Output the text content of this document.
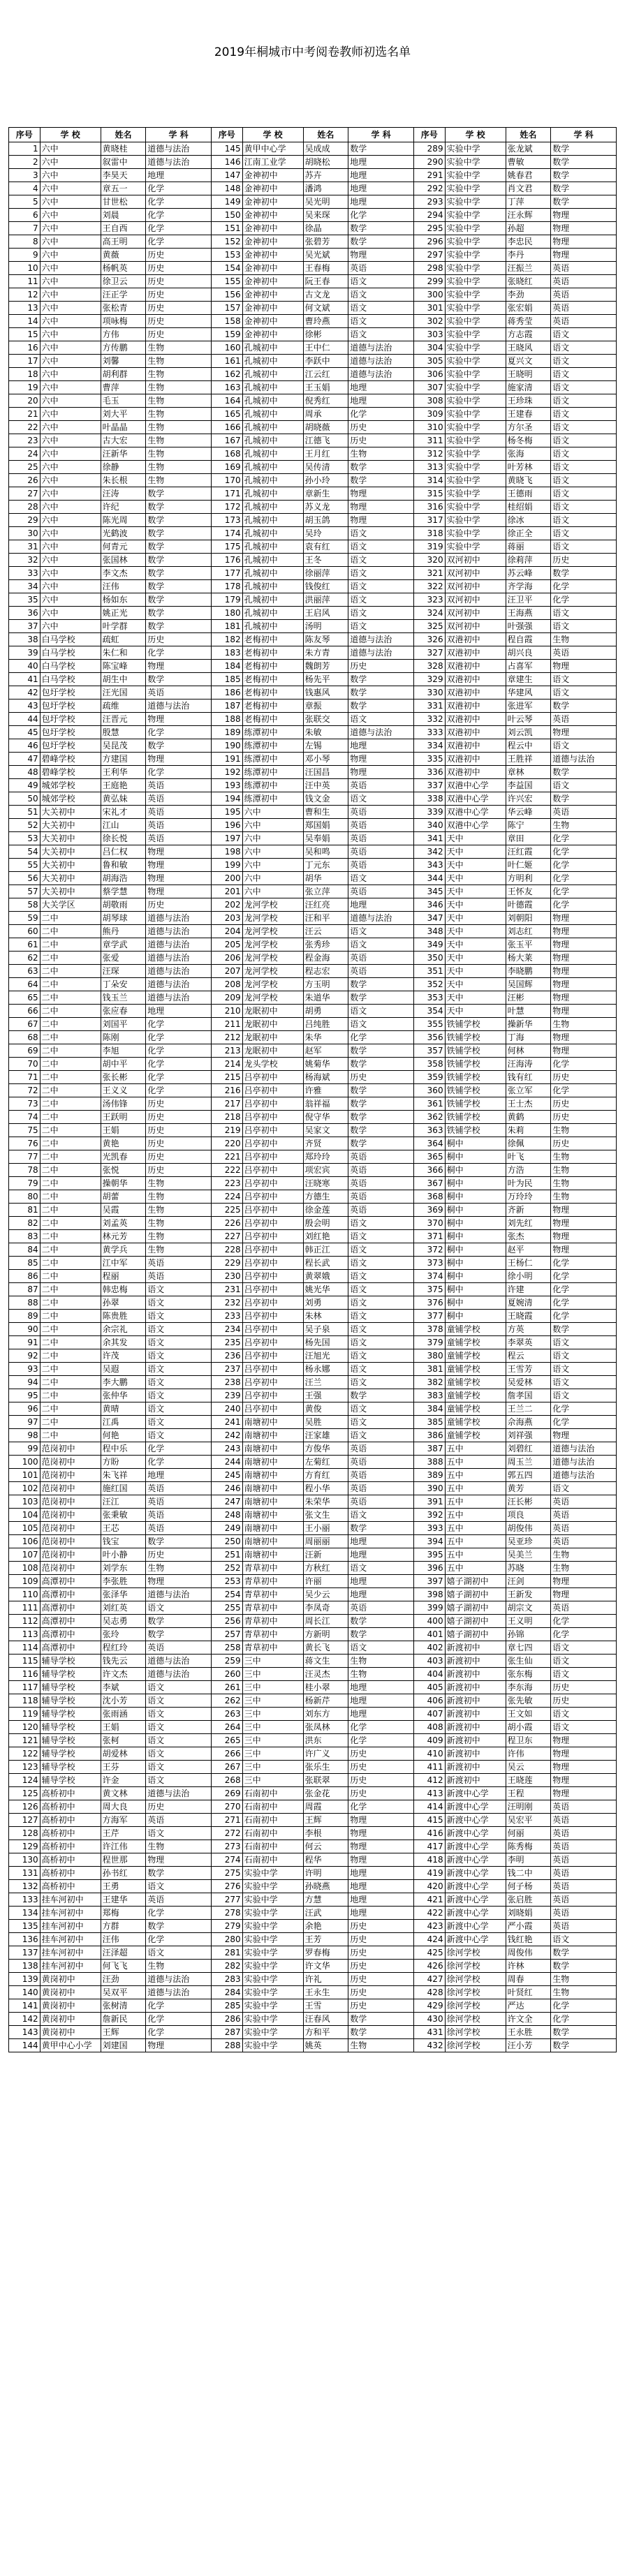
2019年桐城市中考阅卷教师初选名单
序号	学 校	姓名	学 科	序号	学 校	姓名	学 科	序号	学 校	姓名	学 科
1	六中	黄晓桂	道德与法治	145	黄甲中心学	吴成成	数学	289	实验中学	张龙斌	数学
2	六中	叙雷中	道德与法治	146	江南工业学	胡晓松	地理	290	实验中学	曹敏	数学
3	六中	李昊天	地理	147	金神初中	苏卉	地理	291	实验中学	姚春君	数学
4	六中	章五一	化学	148	金神初中	潘鸿	地理	292	实验中学	肖文君	数学
5	六中	甘世松	化学	149	金神初中	吴光明	地理	293	实验中学	丁萍	数学
6	六中	刘晨	化学	150	金神初中	吴来琛	化学	294	实验中学	汪永辉	物理
7	六中	王自西	化学	151	金神初中	徐晶	数学	295	实验中学	孙超	物理
8	六中	高王明	化学	152	金神初中	张碧芳	数学	296	实验中学	李忠民	物理
9	六中	黄薇	历史	153	金神初中	吴光斌	物理	297	实验中学	李丹	物理
10	六中	杨帆英	历史	154	金神初中	王春梅	英语	298	实验中学	汪振兰	英语
11	六中	徐卫云	历史	155	金神初中	阮王春	语文	299	实验中学	张晓红	英语
12	六中	汪正学	历史	156	金神初中	古文龙	语文	300	实验中学	李劲	英语
13	六中	张松青	历史	157	金神初中	何文斌	语文	301	实验中学	张宏娟	英语
14	六中	项咏梅	历史	158	金神初中	曹玲燕	语文	302	实验中学	蒋秀莹	英语
15	六中	方伟	历史	159	金神初中	徐彬	语文	303	实验中学	方志霞	语文
16	六中	方传鹏	生物	160	孔城初中	王中仁	道德与法治	304	实验中学	王晓风	语文
17	六中	刘馨	生物	161	孔城初中	李跃中	道德与法治	305	实验中学	夏兴文	语文
18	六中	胡利群	生物	162	孔城初中	江云红	道德与法治	306	实验中学	王晓明	语文
19	六中	曹萍	生物	163	孔城初中	王玉娟	地理	307	实验中学	施家清	语文
20	六中	毛玉	生物	164	孔城初中	倪秀红	地理	308	实验中学	王珍珠	语文
21	六中	刘大平	生物	165	孔城初中	周承	化学	309	实验中学	王建春	语文
22	六中	叶晶晶	生物	166	孔城初中	胡晓薇	历史	310	实验中学	方尔圣	语文
23	六中	古大宏	生物	167	孔城初中	江德飞	历史	311	实验中学	杨冬梅	语文
24	六中	汪新华	生物	168	孔城初中	王月红	生物	312	实验中学	张海	语文
25	六中	徐静	生物	169	孔城初中	吴传清	数学	313	实验中学	叶芳林	语文
26	六中	朱长根	生物	170	孔城初中	孙小玲	数学	314	实验中学	黄晓飞	语文
27	六中	汪涛	数学	171	孔城初中	章新生	物理	315	实验中学	王德雨	语文
28	六中	许纪	数学	172	孔城初中	苏义龙	物理	316	实验中学	桂绍娟	语文
29	六中	陈光周	数学	173	孔城初中	胡玉鸽	物理	317	实验中学	徐冰	语文
30	六中	光鹤波	数学	174	孔城初中	吴玲	语文	318	实验中学	徐正全	语文
31	六中	何青元	数学	175	孔城初中	袁有红	语文	319	实验中学	蒋丽	语文
32	六中	张国林	数学	176	孔城初中	王冬	语文	320	双河初中	徐莉萍	历史
33	六中	李文杰	数学	177	孔城初中	徐丽萍	语文	321	双河初中	苏云峰	数学
34	六中	汪伟	数学	178	孔城初中	钱俊红	语文	322	双河初中	齐学海	化学
35	六中	杨如东	数学	179	孔城初中	洪丽萍	语文	323	双河初中	汪卫平	化学
36	六中	姚正光	数学	180	孔城初中	王启风	语文	324	双河初中	王海燕	语文
37	六中	叶学群	数学	181	孔城初中	汤明	语文	325	双河初中	叶强强	语文
38	白马学校	疏虹	历史	182	老梅初中	陈友琴	道德与法治	326	双港初中	程自霞	生物
39	白马学校	朱仁和	化学	183	老梅初中	朱方青	道德与法治	327	双港初中	胡兴良	英语
40	白马学校	陈宝峰	物理	184	老梅初中	魏朗芳	历史	328	双港初中	占喜军	物理
41	白马学校	胡生中	数学	185	老梅初中	杨先平	数学	329	双港初中	章建生	语文
42	包圩学校	汪光国	英语	186	老梅初中	钱惠风	数学	330	双港初中	华建风	语文
43	包圩学校	疏维	道德与法治	187	老梅初中	章振	数学	331	双港初中	张进军	数学
44	包圩学校	汪晋元	物理	188	老梅初中	张联交	语文	332	双港初中	叶云琴	英语
45	包圩学校	殷慧	化学	189	练潭初中	朱敏	道德与法治	333	双港初中	刘云凯	物理
46	包圩学校	吴昆茂	数学	190	练潭初中	左锡	地理	334	双港初中	程云中	语文
47	碧峰学校	方建国	物理	191	练潭初中	邓小琴	物理	335	双港初中	王胜祥	道德与法治
48	碧峰学校	王利华	化学	192	练潭初中	汪国昌	物理	336	双港初中	章林	数学
49	城郊学校	王庭艳	英语	193	练潭初中	汪中英	英语	337	双港中心学	李益国	语文
50	城郊学校	黄弘妹	英语	194	练潭初中	钱文金	语文	338	双港中心学	许兴宏	数学
51	大关初中	宋礼才	英语	195	六中	曹和生	英语	339	双港中心学	华云峰	英语
52	大关初中	江山	英语	196	六中	郑国娟	英语	340	双港中心学	陈宁	生物
53	大关初中	徐长悦	英语	197	六中	吴奉娟	英语	341	天中	章田	化学
54	大关初中	吕仁权	物理	198	六中	吴和鸣	英语	342	天中	汪红霞	化学
55	大关初中	鲁和敏	物理	199	六中	丁元东	英语	343	天中	叶仁姬	化学
56	大关初中	胡海浩	物理	200	六中	胡华	语文	344	天中	方明利	化学
57	大关初中	蔡学慧	物理	201	六中	张立萍	英语	345	天中	王怀友	化学
58	大关学区	胡敬雨	历史	202	龙河学校	汪红亮	地理	346	天中	叶德霞	化学
59	二中	胡琴球	道德与法治	203	龙河学校	汪和平	道德与法治	347	天中	刘朝阳	物理
60	二中	熊丹	道德与法治	204	龙河学校	汪云	语文	348	天中	刘志红	物理
61	二中	章学武	道德与法治	205	龙河学校	张秀珍	语文	349	天中	张玉平	物理
62	二中	张爱	道德与法治	206	龙河学校	程金海	英语	350	天中	杨大莱	物理
63	二中	汪琛	道德与法治	207	龙河学校	程志宏	英语	351	天中	李晓鹏	物理
64	二中	丁朵安	道德与法治	208	龙河学校	方玉明	数学	352	天中	吴国辉	物理
65	二中	钱玉兰	道德与法治	209	龙河学校	朱道华	数学	353	天中	汪彬	物理
66	二中	张应春	地理	210	龙眠初中	胡勇	语文	354	天中	叶慧	物理
67	二中	刘国平	化学	211	龙眠初中	吕纯胜	语文	355	铁铺学校	操新华	生物
68	二中	陈刚	化学	212	龙眠初中	朱华	化学	356	铁铺学校	丁海	物理
69	二中	李旭	化学	213	龙眠初中	赵军	数学	357	铁铺学校	何林	物理
70	二中	胡中平	化学	214	龙头学校	姚菊华	数学	358	铁铺学校	汪海涛	化学
71	二中	张长彬	化学	215	吕亭初中	杨海斌	历史	359	铁铺学校	钱有红	历史
72	二中	王义义	化学	216	吕亭初中	许雅	数学	360	铁铺学校	张立军	化学
73	二中	汤伟锋	历史	217	吕亭初中	翁祥福	数学	361	铁铺学校	王士杰	历史
74	二中	王跃明	历史	218	吕亭初中	倪守华	数学	362	铁铺学校	黄鹤	历史
75	二中	王娟	历史	219	吕亭初中	吴家文	数学	363	铁铺学校	朱莉	生物
76	二中	黄艳	历史	220	吕亭初中	齐贤	数学	364	桐中	徐佩	历史
77	二中	光凯春	历史	221	吕亭初中	郑玲玲	英语	365	桐中	叶飞	生物
78	二中	张悦	历史	222	吕亭初中	项宏宾	英语	366	桐中	方浩	生物
79	二中	操朝华	生物	223	吕亭初中	汪晓寒	英语	367	桐中	叶为民	生物
80	二中	胡蕾	生物	224	吕亭初中	方德生	英语	368	桐中	万玲玲	生物
81	二中	吴霞	生物	225	吕亭初中	徐金莲	英语	369	桐中	齐新	物理
82	二中	刘孟英	生物	226	吕亭初中	殷会明	语文	370	桐中	刘先红	物理
83	二中	林元芳	生物	227	吕亭初中	刘红艳	语文	371	桐中	张杰	物理
84	二中	黄学兵	生物	228	吕亭初中	韩正江	语文	372	桐中	赵平	物理
85	二中	江中军	英语	229	吕亭初中	程长武	语文	373	桐中	王杨仁	化学
86	二中	程丽	英语	230	吕亭初中	黄翠娥	语文	374	桐中	徐小明	化学
87	二中	韩忠梅	语文	231	吕亭初中	姚光华	语文	375	桐中	许建	化学
88	二中	孙翠	语文	232	吕亭初中	刘勇	语文	376	桐中	夏婉清	化学
89	二中	陈贵胜	语文	233	吕亭初中	朱林	语文	377	桐中	王晓霞	化学
90	二中	余宗礼	语文	234	吕亭初中	吴子泉	语文	378	童铺学校	方英	数学
91	二中	余其发	语文	235	吕亭初中	杨先国	语文	379	童铺学校	李翠英	语文
92	二中	许茂	语文	236	吕亭初中	汪旭光	语文	380	童铺学校	程云	语文
93	二中	吴遐	语文	237	吕亭初中	杨永娜	语文	381	童铺学校	王雪芳	语文
94	二中	李大鹏	语文	238	吕亭初中	汪兰	语文	382	童铺学校	吴爱林	语文
95	二中	张仲华	语文	239	吕亭初中	王强	数学	383	童铺学校	詹孝国	语文
96	二中	黄晴	语文	240	吕亭初中	黄俊	语文	384	童铺学校	王兰二	化学
97	二中	江禹	语文	241	南塘初中	吴胜	语文	385	童铺学校	佘海燕	化学
98	二中	何艳	语文	242	南塘初中	汪家雄	语文	386	童铺学校	刘祥强	物理
99	范岗初中	程中乐	化学	243	南塘初中	方俊华	英语	387	五中	刘碧红	道德与法治
100	范岗初中	方盼	化学	244	南塘初中	左菊红	英语	388	五中	周玉兰	道德与法治
101	范岗初中	朱飞祥	地理	245	南塘初中	方育红	英语	389	五中	郭五四	道德与法治
102	范岗初中	施红国	英语	246	南塘初中	程小华	英语	390	五中	黄芳	语文
103	范岗初中	汪江	英语	247	南塘初中	朱荣华	英语	391	五中	汪长彬	英语
104	范岗初中	张秉敏	英语	248	南塘初中	张文生	语文	392	五中	项良	英语
105	范岗初中	王芯	英语	249	南塘初中	王小丽	数学	393	五中	胡俊伟	英语
106	范岗初中	钱宝	数学	250	南塘初中	周丽丽	地理	394	五中	吴亚珍	英语
107	范岗初中	叶小静	历史	251	南塘初中	汪新	地理	395	五中	吴美兰	生物
108	范岗初中	刘学东	生物	252	青草初中	方秋红	语文	396	五中	苏晓	生物
109	高潭初中	李张胜	物理	253	青草初中	许丽	地理	397	嬉子湖初中	汪剑	物理
110	高潭初中	张泽华	道德与法治	254	青草初中	吴少云	地理	398	嬉子湖初中	王新发	物理
111	高潭初中	刘红英	语文	255	青草初中	李凤奇	英语	399	嬉子湖初中	胡宗文	英语
112	高潭初中	吴志勇	数学	256	青草初中	周长江	数学	400	嬉子湖初中	王义明	化学
113	高潭初中	张玲	数学	257	青草初中	方新明	数学	401	嬉子湖初中	孙锦	化学
114	高潭初中	程红玲	英语	258	青草初中	黄长飞	语文	402	新渡初中	章七四	语文
115	辅导学校	钱先云	道德与法治	259	三中	蒋文生	生物	403	新渡初中	张生仙	语文
116	辅导学校	许文杰	道德与法治	260	三中	汪灵杰	生物	404	新渡初中	张东梅	语文
117	辅导学校	李斌	语文	261	三中	桂小翠	地理	405	新渡初中	李东海	历史
118	辅导学校	沈小芳	语文	262	三中	杨新芹	地理	406	新渡初中	张先敏	历史
119	辅导学校	张雨涵	语文	263	三中	刘东方	地理	407	新渡初中	王文如	语文
120	辅导学校	王娟	语文	264	三中	张凤林	化学	408	新渡初中	胡小霞	语文
121	辅导学校	张柯	语文	265	三中	洪东	化学	409	新渡初中	程卫东	物理
122	辅导学校	胡爱林	语文	266	三中	许广义	历史	410	新渡初中	许伟	物理
123	辅导学校	王芬	语文	267	三中	张乐生	历史	411	新渡初中	吴云	物理
124	辅导学校	许金	语文	268	三中	张联翠	历史	412	新渡初中	王晓莲	物理
125	高桥初中	黄文林	道德与法治	269	石南初中	张金花	历史	413	新渡中心学	王程	物理
126	高桥初中	周大良	历史	270	石南初中	周霞	化学	414	新渡中心学	汪明刚	英语
127	高桥初中	方海军	英语	271	石南初中	王辉	物理	415	新渡中心学	吴宏平	英语
128	高桥初中	王芹	语文	272	石南初中	李根	物理	416	新渡中心学	何丽	英语
129	高桥初中	许江伟	生物	273	石南初中	何云	物理	417	新渡中心学	陈秀梅	英语
130	高桥初中	程世那	物理	274	石南初中	程华	物理	418	新渡中心学	李明	英语
131	高桥初中	孙书红	数学	275	实验中学	许明	地理	419	新渡中心学	钱二中	英语
132	高桥初中	王勇	语文	276	实验中学	孙晓燕	地理	420	新渡中心学	何子杨	英语
133	挂车河初中	王建华	英语	277	实验中学	方慧	地理	421	新渡中心学	张启胜	英语
134	挂车河初中	郑梅	化学	278	实验中学	汪武	地理	422	新渡中心学	刘晓娟	英语
135	挂车河初中	方群	数学	279	实验中学	余艳	历史	423	新渡中心学	严小霞	英语
136	挂车河初中	汪伟	化学	280	实验中学	王芳	历史	424	新渡中心学	钱红艳	语文
137	挂车河初中	汪泽超	语文	281	实验中学	罗春梅	历史	425	徐河学校	周俊伟	数学
138	挂车河初中	何飞飞	生物	282	实验中学	许文华	历史	426	徐河学校	许林	数学
139	黄岗初中	汪劲	道德与法治	283	实验中学	许礼	历史	427	徐河学校	周春	生物
140	黄岗初中	吴双平	道德与法治	284	实验中学	王永生	历史	428	徐河学校	叶贤红	生物
141	黄岗初中	张树清	化学	285	实验中学	王雪	历史	429	徐河学校	严达	化学
142	黄岗初中	詹新民	化学	286	实验中学	汪春风	数学	430	徐河学校	许文全	化学
143	黄岗初中	王辉	化学	287	实验中学	方和平	数学	431	徐河学校	王永胜	数学
144	黄甲中心小学	刘建国	物理	288	实验中学	姚英	生物	432	徐河学校	汪小芳	数学
